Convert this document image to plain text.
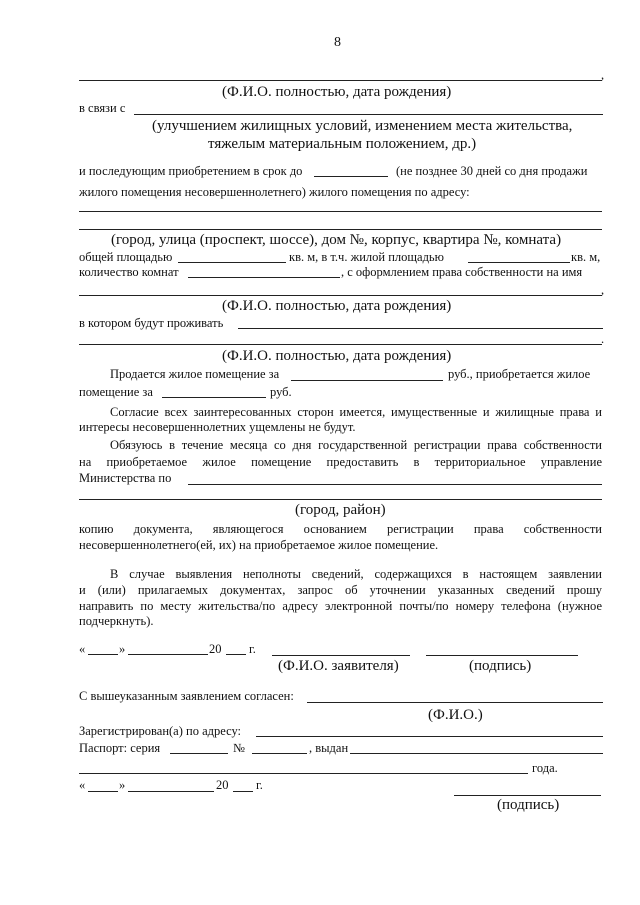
8
,
(Ф.И.О. полностью, дата рождения)
в связи с
(улучшением жилищных условий, изменением места жительства,
тяжелым материальным положением, др.)
и последующим приобретением в срок до	(не позднее 30 дней со дня продажи
жилого помещения несовершеннолетнего) жилого помещения по адресу:
(город, улица (проспект, шоссе), дом №, корпус, квартира №, комната)
общей площадью	кв. м, в т.ч. жилой площадью	кв. м,
количество комнат	, с оформлением права собственности на имя
,
(Ф.И.О. полностью, дата рождения)
в котором будут проживать
.
(Ф.И.О. полностью, дата рождения)
Продается жилое помещение за	руб., приобретается жилое
помещение за	руб.
Согласие всех заинтересованных сторон имеется, имущественные и жилищные права и
интересы несовершеннолетних ущемлены не будут.
Обязуюсь в течение месяца со дня государственной регистрации права собственности
на приобретаемое жилое помещение предоставить в территориальное управление
Министерства по
(город, район)
копию документа, являющегося основанием регистрации права собственности
несовершеннолетнего(ей, их) на приобретаемое жилое помещение.
В случае выявления неполноты сведений, содержащихся в настоящем заявлении
и (или) прилагаемых документах, запрос об уточнении указанных сведений прошу
направить по месту жительства/по адресу электронной почты/по номеру телефона (нужное
подчеркнуть).
«	»	20 г.
(Ф.И.О. заявителя)	(подпись)
С вышеуказанным заявлением согласен:
(Ф.И.О.)
Зарегистрирован(а) по адресу:
Паспорт: серия	№	, выдан
года.
«	»	20 г.
(подпись)
